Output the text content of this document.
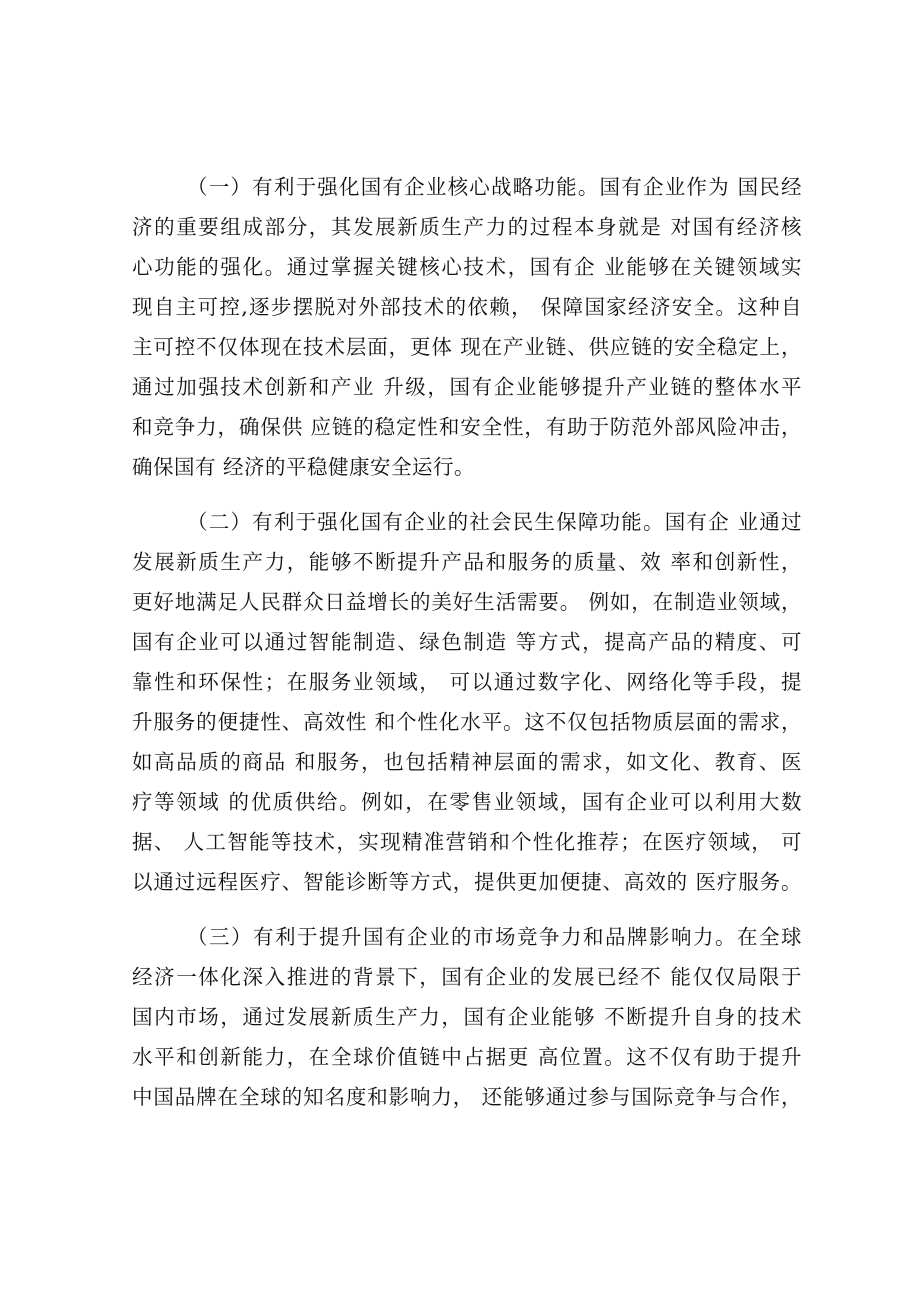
（一）有利于强化国有企业核心战略功能。国有企业作为 国民经
济的重要组成部分，其发展新质生产力的过程本身就是 对国有经济核
心功能的强化。通过掌握关键核心技术，国有企 业能够在关键领域实
现自主可控,逐步摆脱对外部技术的依赖， 保障国家经济安全。这种自
主可控不仅体现在技术层面，更体 现在产业链、供应链的安全稳定上，
通过加强技术创新和产业 升级，国有企业能够提升产业链的整体水平
和竞争力，确保供 应链的稳定性和安全性，有助于防范外部风险冲击，
确保国有 经济的平稳健康安全运行。
（二）有利于强化国有企业的社会民生保障功能。国有企 业通过
发展新质生产力，能够不断提升产品和服务的质量、效 率和创新性，
更好地满足人民群众日益增长的美好生活需要。 例如，在制造业领域，
国有企业可以通过智能制造、绿色制造 等方式，提高产品的精度、可
靠性和环保性；在服务业领域， 可以通过数字化、网络化等手段，提
升服务的便捷性、高效性 和个性化水平。这不仅包括物质层面的需求，
如高品质的商品 和服务，也包括精神层面的需求，如文化、教育、医
疗等领域 的优质供给。例如，在零售业领域，国有企业可以利用大数
据、 人工智能等技术，实现精准营销和个性化推荐；在医疗领域， 可
以通过远程医疗、智能诊断等方式，提供更加便捷、高效的 医疗服务。
（三）有利于提升国有企业的市场竞争力和品牌影响力。在全球
经济一体化深入推进的背景下，国有企业的发展已经不 能仅仅局限于
国内市场，通过发展新质生产力，国有企业能够 不断提升自身的技术
水平和创新能力，在全球价值链中占据更 高位置。这不仅有助于提升
中国品牌在全球的知名度和影响力， 还能够通过参与国际竞争与合作，
